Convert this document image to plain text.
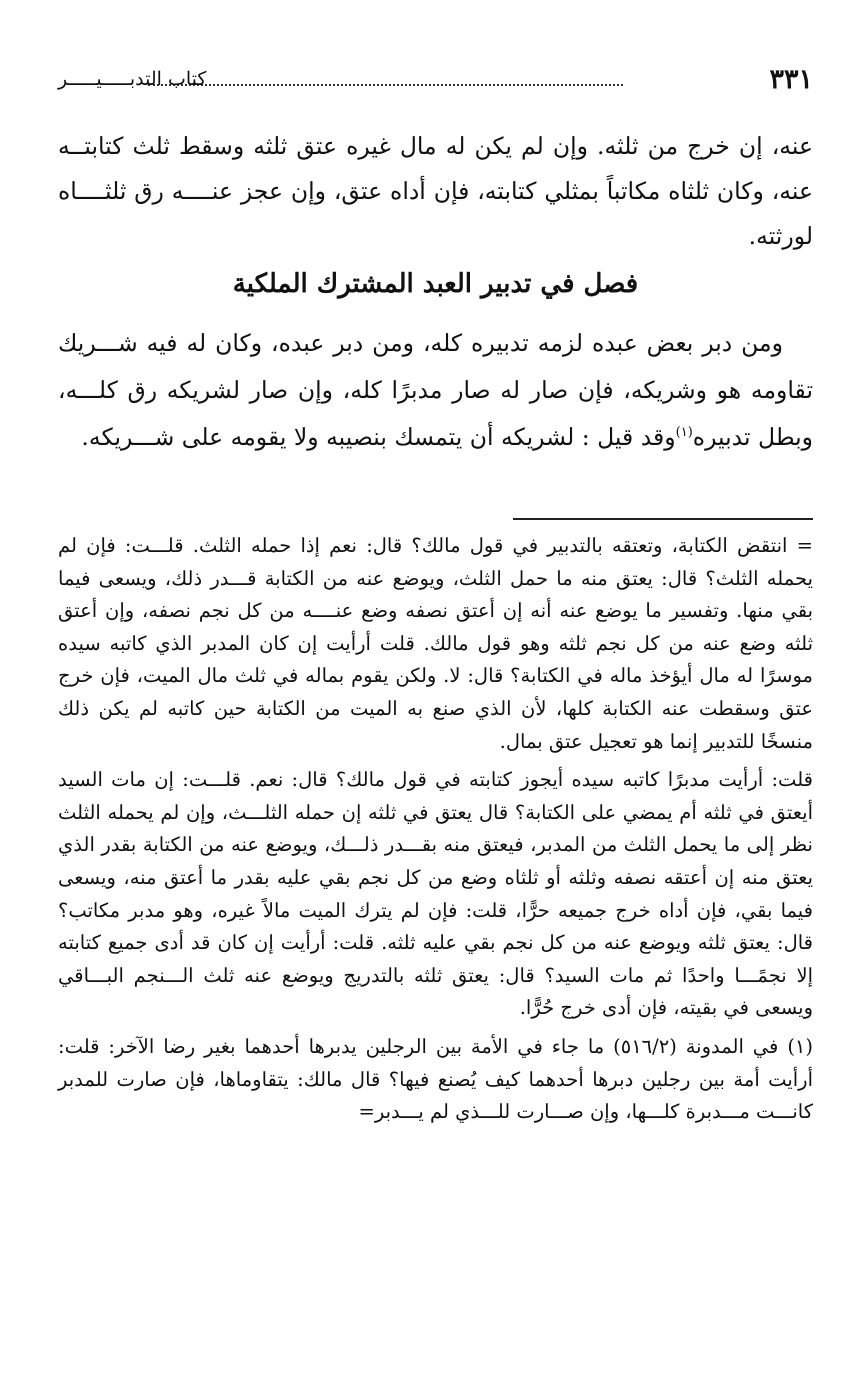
٣٣١
كتاب التدبـــــيـــــر

عنه، إن خرج من ثلثه. وإن لم يكن له مال غيره عتق ثلثه وسقط ثلث كتابتــه عنه، وكان ثلثاه مكاتباً بمثلي كتابته، فإن أداه عتق، وإن عجز عنــــه رق ثلثــــاه لورثته.

فصل في تدبير العبد المشترك الملكية

ومن دبر بعض عبده لزمه تدبيره كله، ومن دبر عبده، وكان له فيه شـــريك تقاومه هو وشريكه، فإن صار له صار مدبرًا كله، وإن صار لشريكه رق كلـــه، وبطل تدبيره$^{(١)}$وقد قيل : لشريكه أن يتمسك بنصيبه ولا يقومه على شـــريكه.

= انتقض الكتابة، وتعتقه بالتدبير في قول مالك؟ قال: نعم إذا حمله الثلث. قلـــت: فإن لم يحمله الثلث؟ قال: يعتق منه ما حمل الثلث، ويوضع عنه من الكتابة قـــدر ذلك، ويسعى فيما بقي منها. وتفسير ما يوضع عنه أنه إن أعتق نصفه وضع عنــــه من كل نجم نصفه، وإن أعتق ثلثه وضع عنه من كل نجم ثلثه وهو قول مالك. قلت أرأيت إن كان المدبر الذي كاتبه سيده موسرًا له مال أيؤخذ ماله في الكتابة؟ قال: لا. ولكن يقوم بماله في ثلث مال الميت، فإن خرج عتق وسقطت عنه الكتابة كلها، لأن الذي صنع به الميت من الكتابة حين كاتبه لم يكن ذلك منسخًا للتدبير إنما هو تعجيل عتق بمال.

قلت: أرأيت مدبرًا كاتبه سيده أيجوز كتابته في قول مالك؟ قال: نعم. قلـــت: إن مات السيد أيعتق في ثلثه أم يمضي على الكتابة؟ قال يعتق في ثلثه إن حمله الثلـــث، وإن لم يحمله الثلث نظر إلى ما يحمل الثلث من المدبر، فيعتق منه بقـــدر ذلـــك، ويوضع عنه من الكتابة بقدر الذي يعتق منه إن أعتقه نصفه وثلثه أو ثلثاه وضع من كل نجم بقي عليه بقدر ما أعتق منه، ويسعى فيما بقي، فإن أداه خرج جميعه حرًّا، قلت: فإن لم يترك الميت مالاً غيره، وهو مدبر مكاتب؟ قال: يعتق ثلثه ويوضع عنه من كل نجم بقي عليه ثلثه. قلت: أرأيت إن كان قد أدى جميع كتابته إلا نجمًـــا واحدًا ثم مات السيد؟ قال: يعتق ثلثه بالتدريج ويوضع عنه ثلث الـــنجم البـــاقي ويسعى في بقيته، فإن أدى خرج حُرًّا.

(١) في المدونة (٥١٦/٢) ما جاء في الأمة بين الرجلين يدبرها أحدهما بغير رضا الآخر: قلت: أرأيت أمة بين رجلين دبرها أحدهما كيف يُصنع فيها؟ قال مالك: يتقاوماها، فإن صارت للمدبر كانـــت مـــدبرة كلـــها، وإن صـــارت للـــذي لم يـــدبر=
